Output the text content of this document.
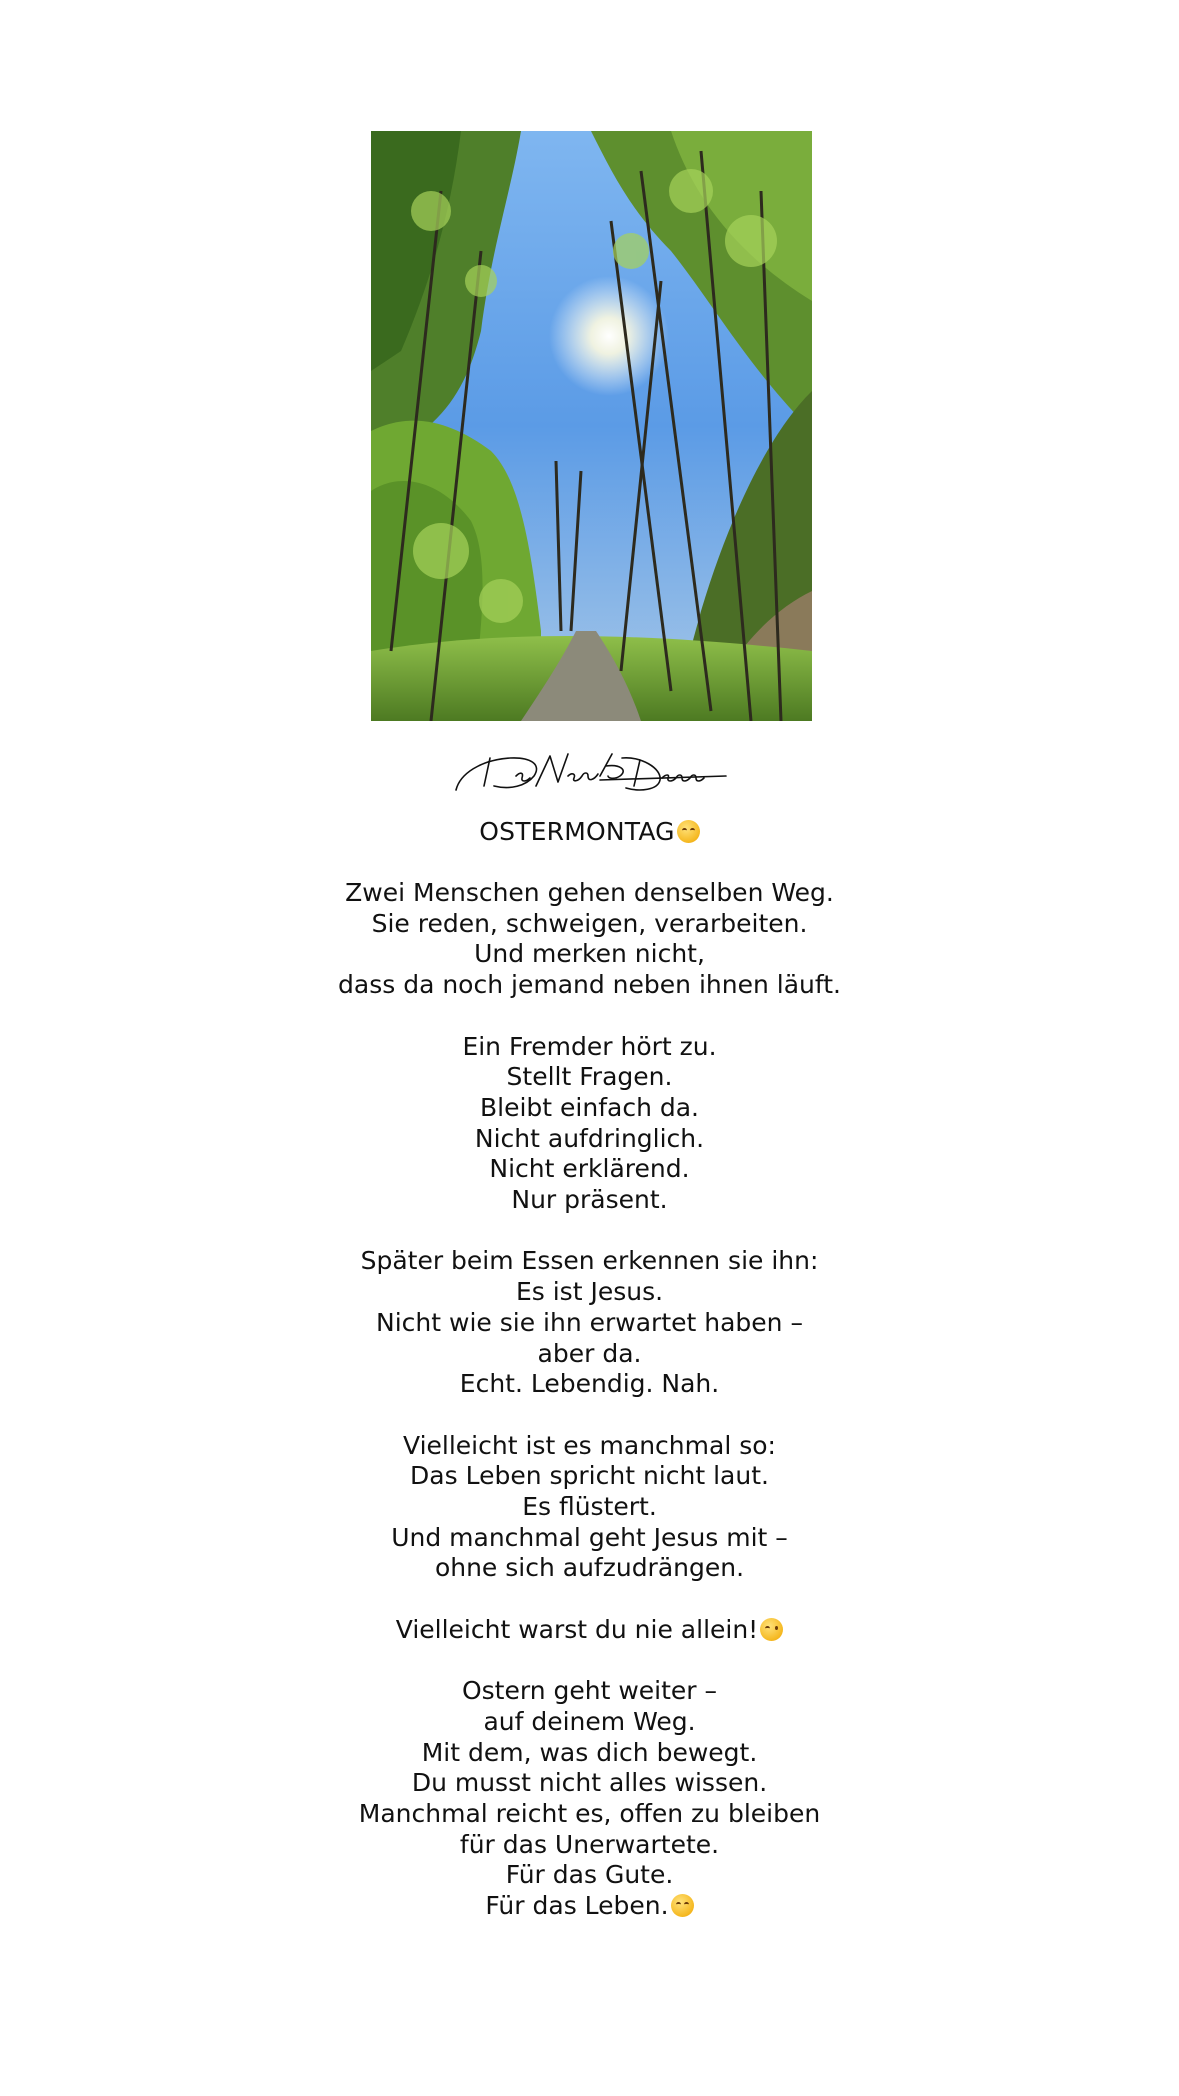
OSTERMONTAG
Zwei Menschen gehen denselben Weg.
Sie reden, schweigen, verarbeiten.
Und merken nicht,
dass da noch jemand neben ihnen läuft.
Ein Fremder hört zu.
Stellt Fragen.
Bleibt einfach da.
Nicht aufdringlich.
Nicht erklärend.
Nur präsent.
Später beim Essen erkennen sie ihn:
Es ist Jesus.
Nicht wie sie ihn erwartet haben –
aber da.
Echt. Lebendig. Nah.
Vielleicht ist es manchmal so:
Das Leben spricht nicht laut.
Es flüstert.
Und manchmal geht Jesus mit –
ohne sich aufzudrängen.
Vielleicht warst du nie allein!
Ostern geht weiter –
auf deinem Weg.
Mit dem, was dich bewegt.
Du musst nicht alles wissen.
Manchmal reicht es, offen zu bleiben
für das Unerwartete.
Für das Gute.
Für das Leben.
